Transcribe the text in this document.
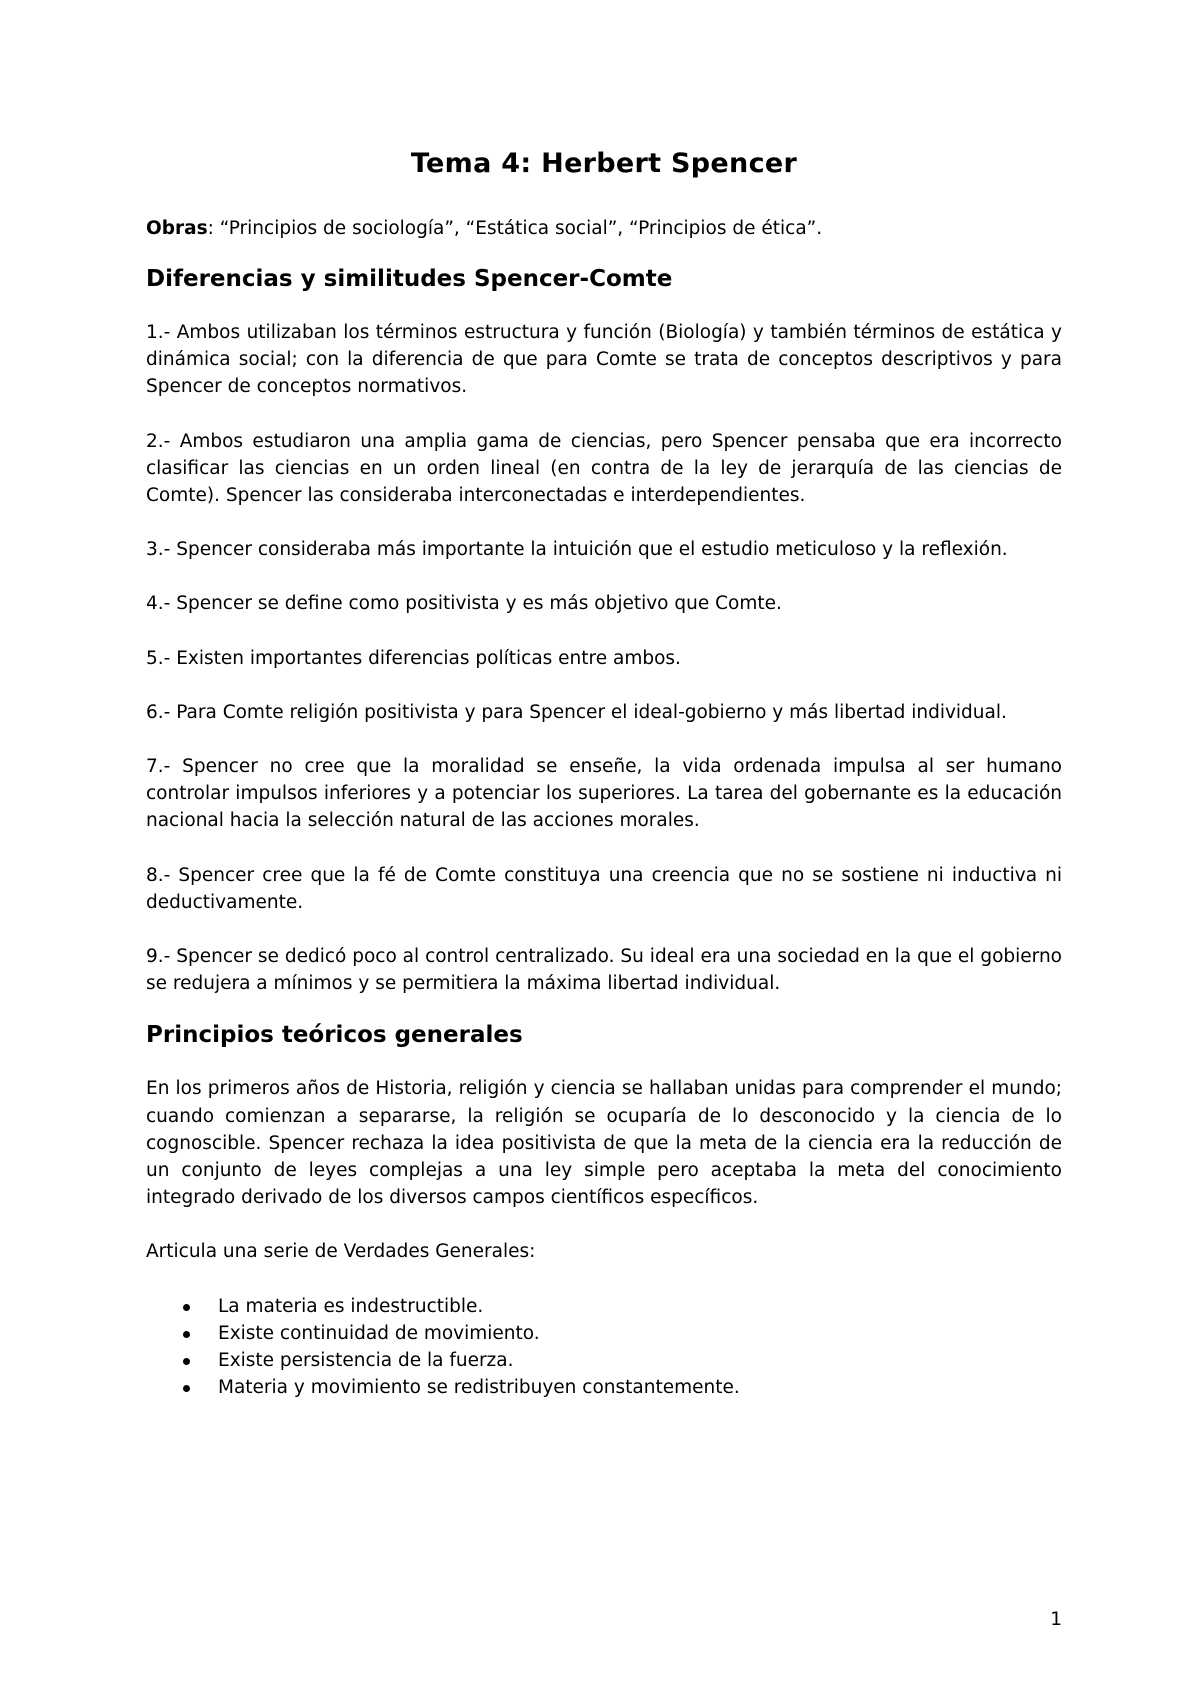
Tema 4: Herbert Spencer

Obras: “Principios de sociología”, “Estática social”, “Principios de ética”.

Diferencias y similitudes Spencer-Comte

1.- Ambos utilizaban los términos estructura y función (Biología) y también términos de estática y dinámica social; con la diferencia de que para Comte se trata de conceptos descriptivos y para Spencer de conceptos normativos.

2.- Ambos estudiaron una amplia gama de ciencias, pero Spencer pensaba que era incorrecto clasificar las ciencias en un orden lineal (en contra de la ley de jerarquía de las ciencias de Comte). Spencer las consideraba interconectadas e interdependientes.

3.- Spencer consideraba más importante la intuición que el estudio meticuloso y la reflexión.

4.- Spencer se define como positivista y es más objetivo que Comte.

5.- Existen importantes diferencias políticas entre ambos.

6.- Para Comte religión positivista y para Spencer el ideal-gobierno y más libertad individual.

7.- Spencer no cree que la moralidad se enseñe, la vida ordenada impulsa al ser humano controlar impulsos inferiores y a potenciar los superiores. La tarea del gobernante es la educación nacional hacia la selección natural de las acciones morales.

8.- Spencer cree que la fé de Comte constituya una creencia que no se sostiene ni inductiva ni deductivamente.

9.- Spencer se dedicó poco al control centralizado. Su ideal era una sociedad en la que el gobierno se redujera a mínimos y se permitiera la máxima libertad individual.

Principios teóricos generales

En los primeros años de Historia, religión y ciencia se hallaban unidas para comprender el mundo; cuando comienzan a separarse, la religión se ocuparía de lo desconocido y la ciencia de lo cognoscible. Spencer rechaza la idea positivista de que la meta de la ciencia era la reducción de un conjunto de leyes complejas a una ley simple pero aceptaba la meta del conocimiento integrado derivado de los diversos campos científicos específicos.

Articula una serie de Verdades Generales:

La materia es indestructible.
Existe continuidad de movimiento.
Existe persistencia de la fuerza.
Materia y movimiento se redistribuyen constantemente.
1
